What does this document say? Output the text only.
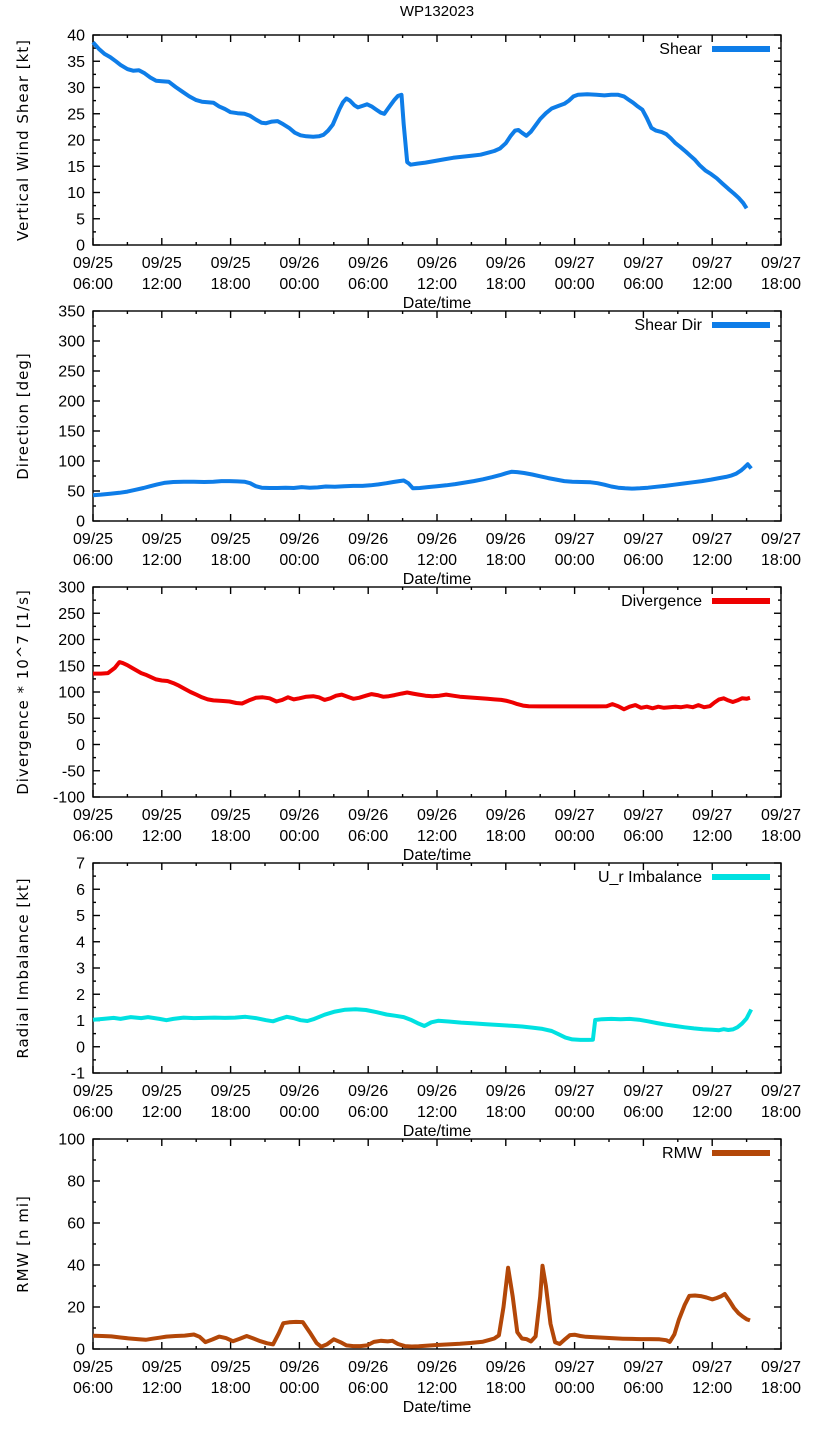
WP132023
09/25
06:00
09/25
12:00
09/25
18:00
09/26
00:00
09/26
06:00
09/26
12:00
09/26
18:00
09/27
00:00
09/27
06:00
09/27
12:00
09/27
18:00
0
5
10
15
20
25
30
35
40
Vertical Wind Shear [kt]
Date/time
Shear
09/25
06:00
09/25
12:00
09/25
18:00
09/26
00:00
09/26
06:00
09/26
12:00
09/26
18:00
09/27
00:00
09/27
06:00
09/27
12:00
09/27
18:00
0
50
100
150
200
250
300
350
Direction [deg]
Date/time
Shear Dir
09/25
06:00
09/25
12:00
09/25
18:00
09/26
00:00
09/26
06:00
09/26
12:00
09/26
18:00
09/27
00:00
09/27
06:00
09/27
12:00
09/27
18:00
-100
-50
0
50
100
150
200
250
300
Divergence * 10^7 [1/s]
Date/time
Divergence
09/25
06:00
09/25
12:00
09/25
18:00
09/26
00:00
09/26
06:00
09/26
12:00
09/26
18:00
09/27
00:00
09/27
06:00
09/27
12:00
09/27
18:00
-1
0
1
2
3
4
5
6
7
Radial Imbalance [kt]
Date/time
U_r Imbalance
09/25
06:00
09/25
12:00
09/25
18:00
09/26
00:00
09/26
06:00
09/26
12:00
09/26
18:00
09/27
00:00
09/27
06:00
09/27
12:00
09/27
18:00
0
20
40
60
80
100
RMW [n mi]
Date/time
RMW
